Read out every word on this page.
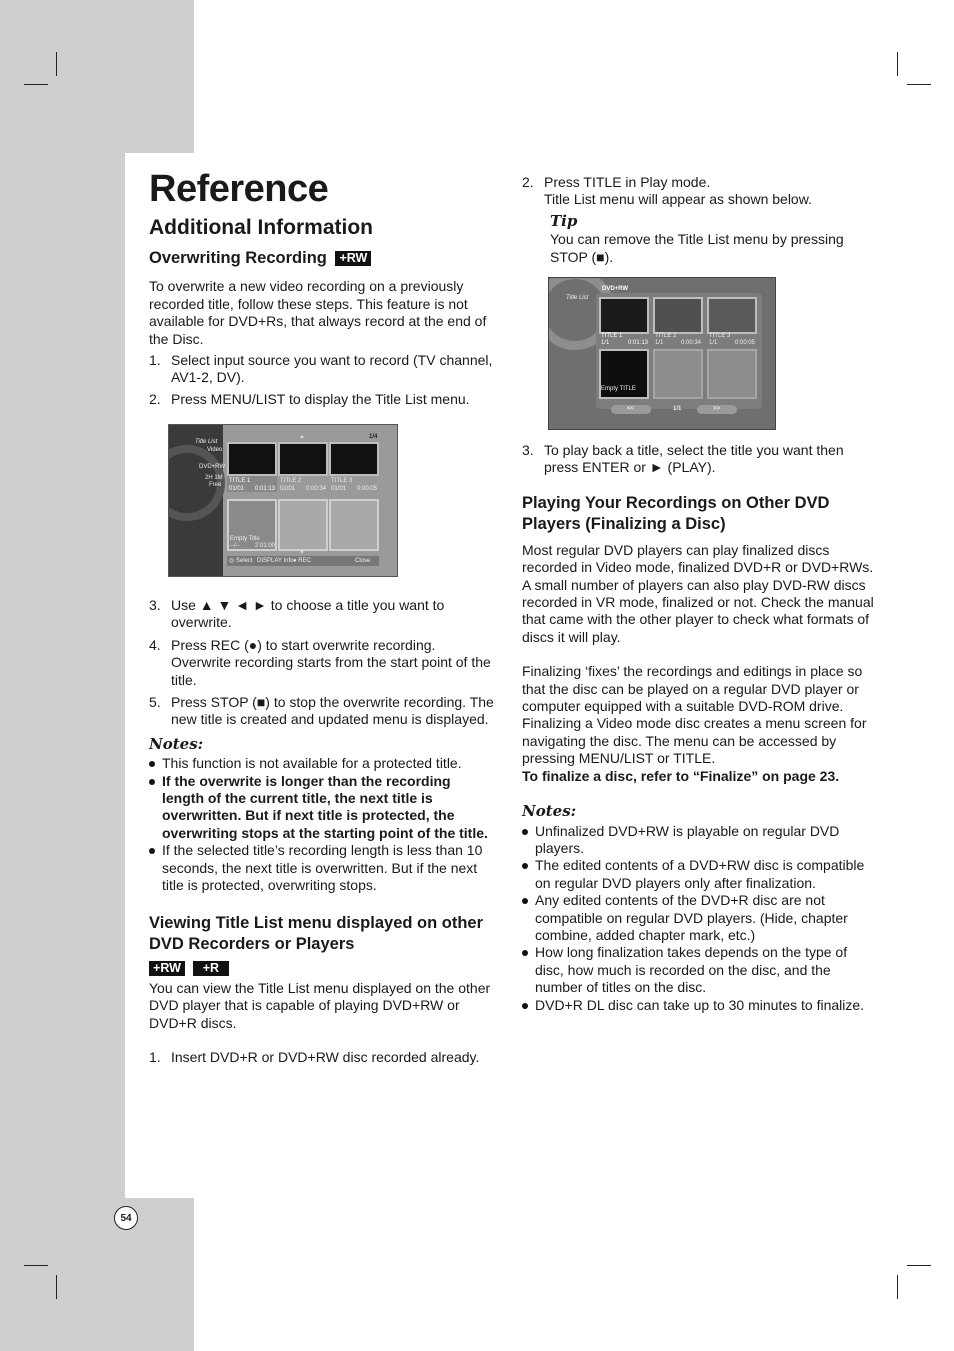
54
Reference
Additional Information
Overwriting Recording +RW

To overwrite a new video recording on a previously recorded title, follow these steps. This feature is not available for DVD+Rs, that always record at the end of the Disc.

1. Select input source you want to record (TV channel, AV1-2, DV).
2. Press MENU/LIST to display the Title List menu.
Title List
Video
DVD+RW
2H 1M
Free
1/4
▲
TITLE 1
01/01 0:01:13
TITLE 2
01/01 0:00:34
TITLE 3
01/01 0:00:05
Empty Title
--/--	2:01:00
▼
◎ Select DISPLAY Info ● REC	Close
3. Use ▲ ▼ ◄ ► to choose a title you want to overwrite.
4. Press REC (●) to start overwrite recording. Overwrite recording starts from the start point of the title.
5. Press STOP (■) to stop the overwrite recording. The new title is created and updated menu is displayed.
Notes:
This function is not available for a protected title.
If the overwrite is longer than the recording length of the current title, the next title is overwritten. But if next title is protected, the overwriting stops at the starting point of the title.
If the selected title’s recording length is less than 10 seconds, the next title is overwritten. But if the next title is protected, overwriting stops.
Viewing Title List menu displayed on other DVD Recorders or Players
+RW +R

You can view the Title List menu displayed on the other DVD player that is capable of playing DVD+RW or DVD+R discs.

1. Insert DVD+R or DVD+RW disc recorded already.
2. Press TITLE in Play mode.
Title List menu will appear as shown below.
Tip
You can remove the Title List menu by pressing STOP (■).
Title List
DVD+RW
TITLE 1
1/1	0:01:13
TITLE 2
1/1	0:00:34
TITLE 3
1/1	0:00:05
Empty TITLE
<<	1/1	>>
3. To play back a title, select the title you want then press ENTER or ► (PLAY).
Playing Your Recordings on Other DVD Players (Finalizing a Disc)

Most regular DVD players can play finalized discs recorded in Video mode, finalized DVD+R or DVD+RWs. A small number of players can also play DVD-RW discs recorded in VR mode, finalized or not. Check the manual that came with the other player to check what formats of discs it will play.

Finalizing ‘fixes’ the recordings and editings in place so that the disc can be played on a regular DVD player or computer equipped with a suitable DVD-ROM drive.

Finalizing a Video mode disc creates a menu screen for navigating the disc. The menu can be accessed by pressing MENU/LIST or TITLE.

To finalize a disc, refer to “Finalize” on page 23.

Notes:
Unfinalized DVD+RW is playable on regular DVD players.
The edited contents of a DVD+RW disc is compatible on regular DVD players only after finalization.
Any edited contents of the DVD+R disc are not compatible on regular DVD players. (Hide, chapter combine, added chapter mark, etc.)
How long finalization takes depends on the type of disc, how much is recorded on the disc, and the number of titles on the disc.
DVD+R DL disc can take up to 30 minutes to finalize.
